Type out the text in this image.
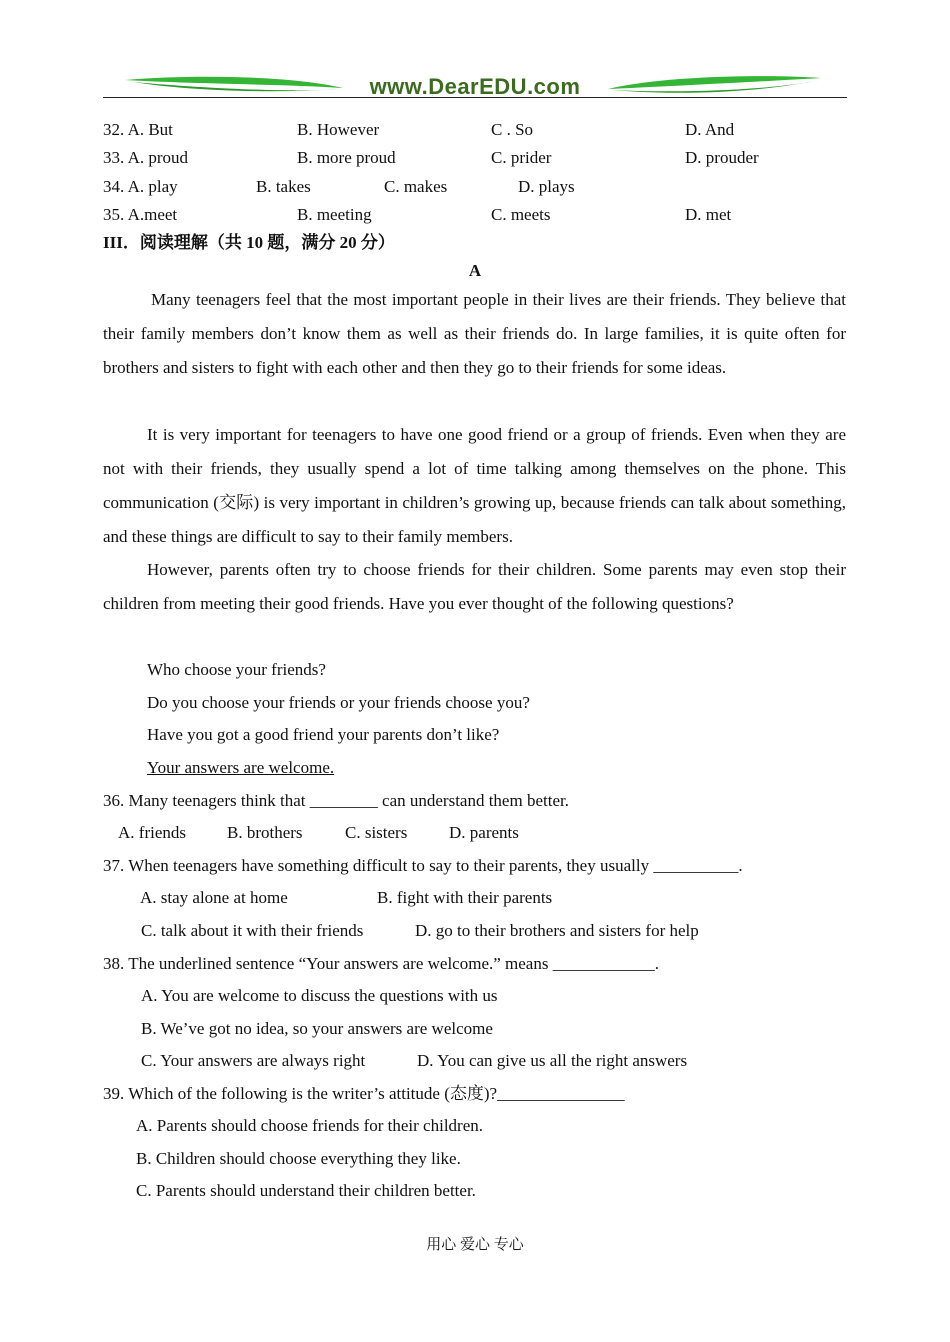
www.DearEDU.com
32. A. But	B. However	C . So	D. And
33. A. proud	B. more proud	C. prider	D. prouder
34. A. play	B. takes	C. makes	D. plays
35. A.meet	B. meeting	C. meets	D. met
III．阅读理解（共 10 题，满分 20 分）
A
Many teenagers feel that the most important people in their lives are their friends. They believe that their family members don’t know them as well as their friends do. In large families, it is quite often for brothers and sisters to fight with each other and then they go to their friends for some ideas.
It is very important for teenagers to have one good friend or a group of friends. Even when they are not with their friends, they usually spend a lot of time talking among themselves on the phone. This communication (交际) is very important in children’s growing up, because friends can talk about something, and these things are difficult to say to their family members.
However, parents often try to choose friends for their children. Some parents may even stop their children from meeting their good friends. Have you ever thought of the following questions?
Who choose your friends?
Do you choose your friends or your friends choose you?
Have you got a good friend your parents don’t like?
Your answers are welcome.
36. Many teenagers think that ________ can understand them better.
A. friends B. brothers C. sisters D. parents
37. When teenagers have something difficult to say to their parents, they usually __________.
A. stay alone at home	B. fight with their parents
C. talk about it with their friends	D. go to their brothers and sisters for help
38. The underlined sentence “Your answers are welcome.” means ____________.
A. You are welcome to discuss the questions with us
B. We’ve got no idea, so your answers are welcome
C. Your answers are always right	D. You can give us all the right answers
39. Which of the following is the writer’s attitude (态度)?_______________
A. Parents should choose friends for their children.
B. Children should choose everything they like.
C. Parents should understand their children better.
用心 爱心 专心
